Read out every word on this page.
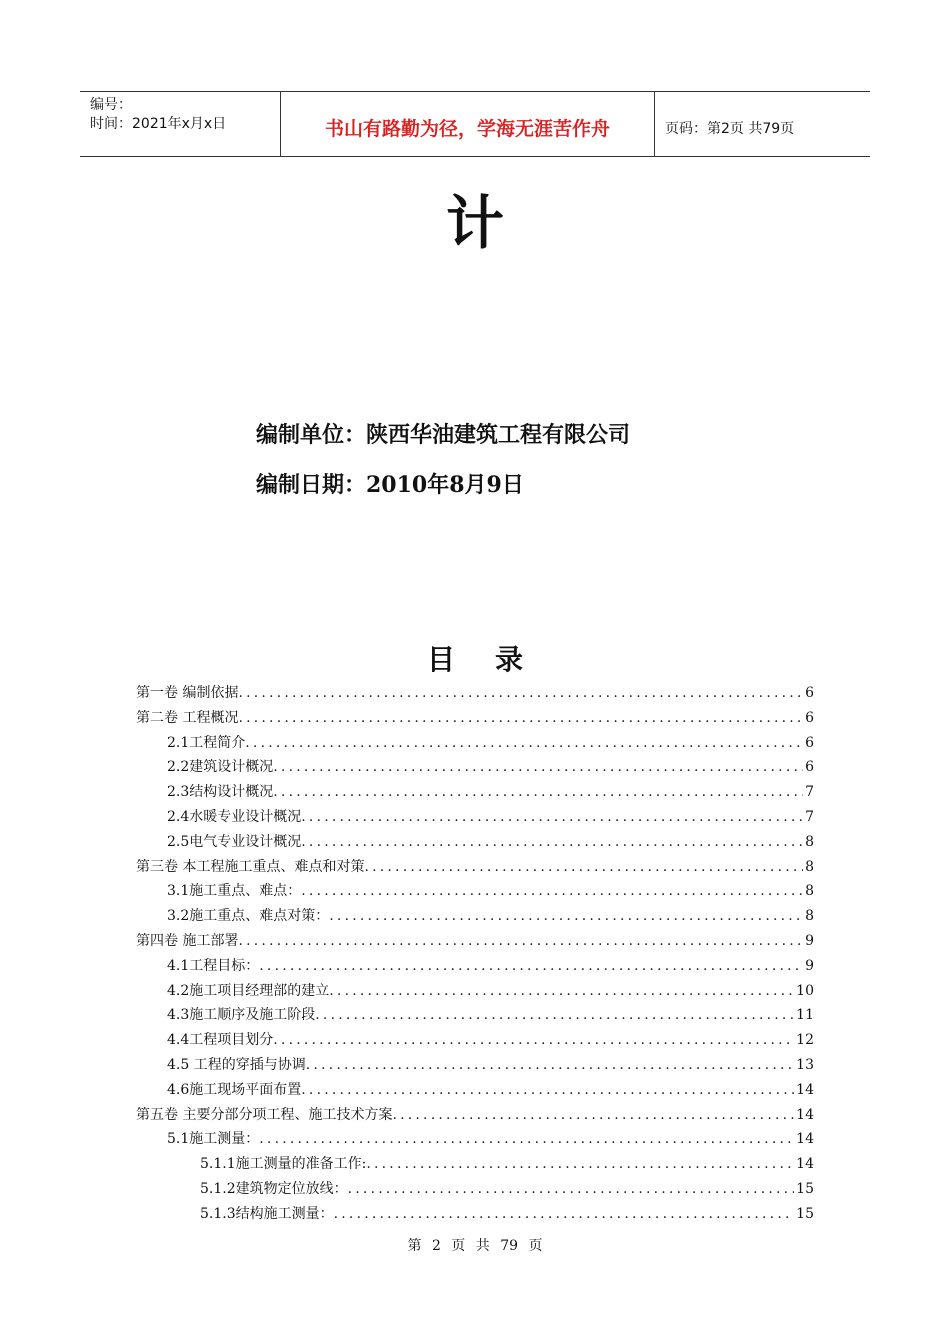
编号：
时间：2021年x月x日	书山有路勤为径，学海无涯苦作舟	页码：第2页 共79页
计
编制单位：陕西华油建筑工程有限公司
编制日期：2010年8月9日
目录
第一卷 编制依据 .....	6
第二卷 工程概况 .....	6
2.1工程简介 .....	6
2.2建筑设计概况 .....	6
2.3结构设计概况 .....	7
2.4水暖专业设计概况 .....	7
2.5电气专业设计概况 .....	8
第三卷 本工程施工重点、难点和对策 .....	8
3.1施工重点、难点： .....	8
3.2施工重点、难点对策： .....	8
第四卷 施工部署 .....	9
4.1工程目标： .....	9
4.2施工项目经理部的建立 .....	10
4.3施工顺序及施工阶段 .....	11
4.4工程项目划分 .....	12
4.5 工程的穿插与协调 .....	13
4.6施工现场平面布置 .....	14
第五卷 主要分部分项工程、施工技术方案 .....	14
5.1施工测量： .....	14
5.1.1施工测量的准备工作: .....	14
5.1.2建筑物定位放线： .....	15
5.1.3结构施工测量： .....	15
第 2 页 共 79 页
